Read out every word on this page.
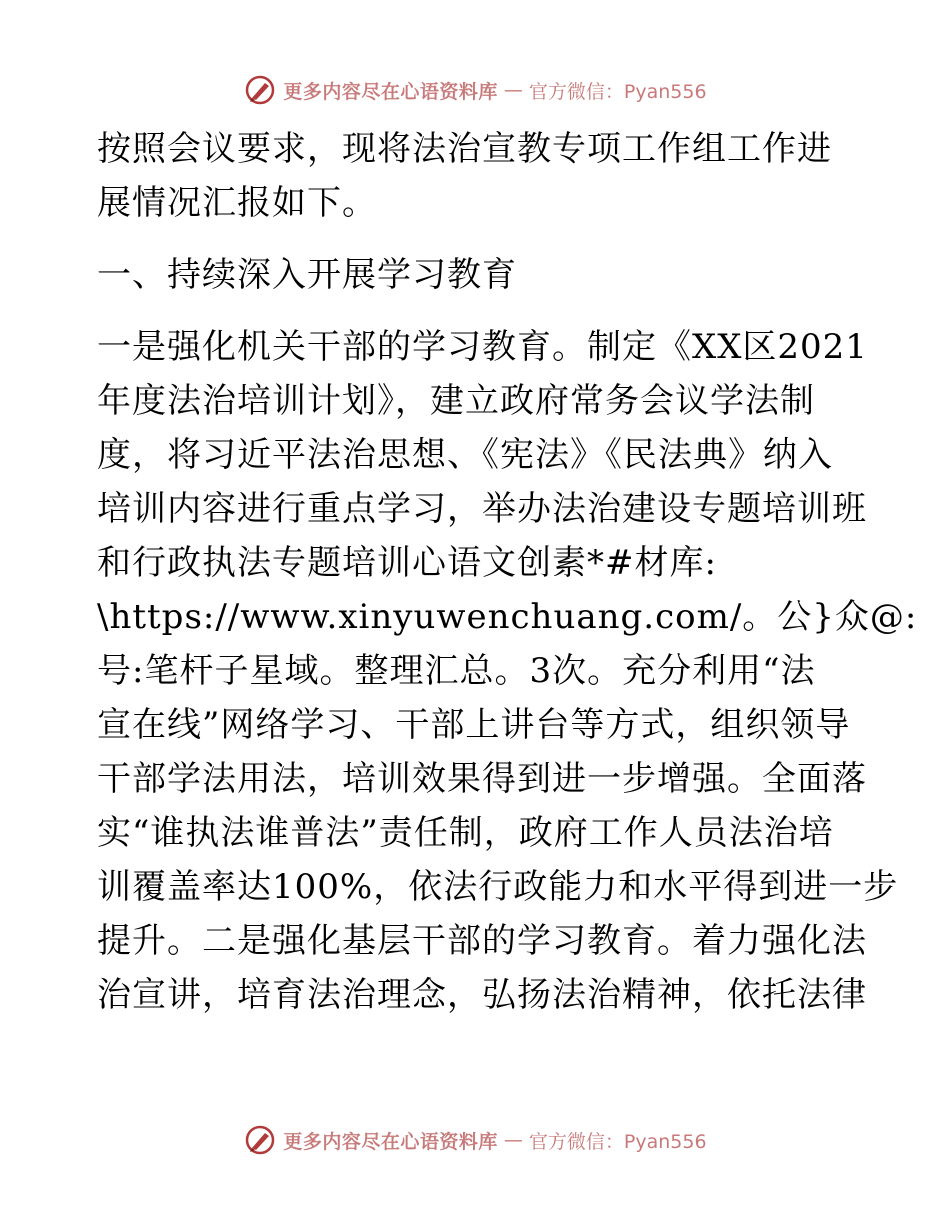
更多内容尽在心语资料库 — 官方微信：Pyan556
按照会议要求，现将法治宣教专项工作组工作进
展情况汇报如下。
一、持续深入开展学习教育
一是强化机关干部的学习教育。制定《XX区2021
年度法治培训计划》，建立政府常务会议学法制
度，将习近平法治思想、《宪法》《民法典》纳入
培训内容进行重点学习，举办法治建设专题培训班
和行政执法专题培训心语文创素*#材库:
\https://www.xinyuwenchuang.com/。公}众@:
号:笔杆子星域。整理汇总。3次。充分利用“法
宣在线”网络学习、干部上讲台等方式，组织领导
干部学法用法，培训效果得到进一步增强。全面落
实“谁执法谁普法”责任制，政府工作人员法治培
训覆盖率达100%，依法行政能力和水平得到进一步
提升。二是强化基层干部的学习教育。着力强化法
治宣讲，培育法治理念，弘扬法治精神，依托法律
更多内容尽在心语资料库 — 官方微信：Pyan556
